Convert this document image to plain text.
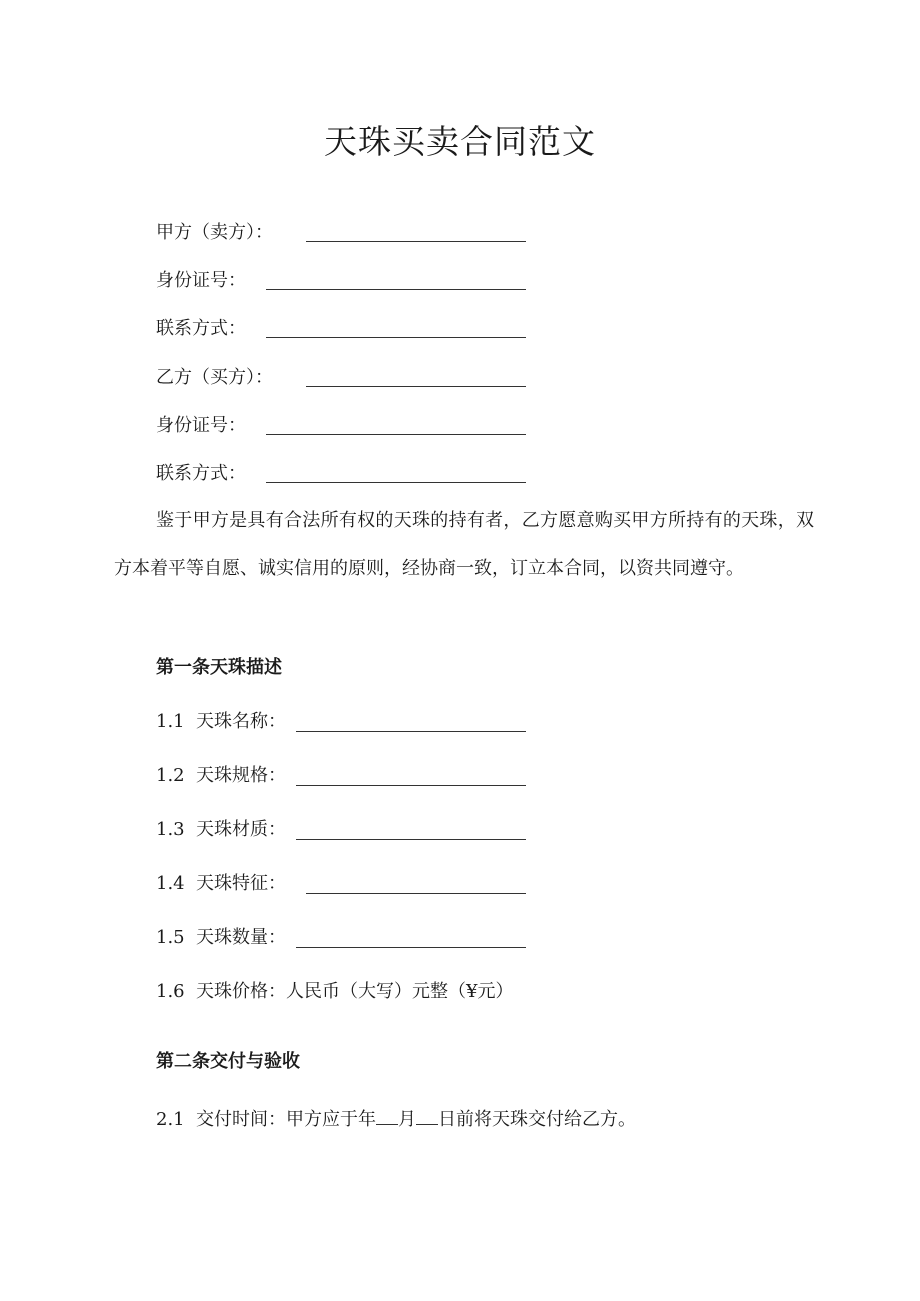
天珠买卖合同范文
甲方（卖方）：
身份证号：
联系方式：
乙方（买方）：
身份证号：
联系方式：
鉴于甲方是具有合法所有权的天珠的持有者，乙方愿意购买甲方所持有的天珠，双方本着平等自愿、诚实信用的原则，经协商一致，订立本合同，以资共同遵守。
第一条天珠描述
1.1 天珠名称：
1.2 天珠规格：
1.3 天珠材质：
1.4 天珠特征：
1.5 天珠数量：
1.6 天珠价格：人民币（大写）元整（¥元）
第二条交付与验收
2.1 交付时间：甲方应于年 月 日前将天珠交付给乙方。
